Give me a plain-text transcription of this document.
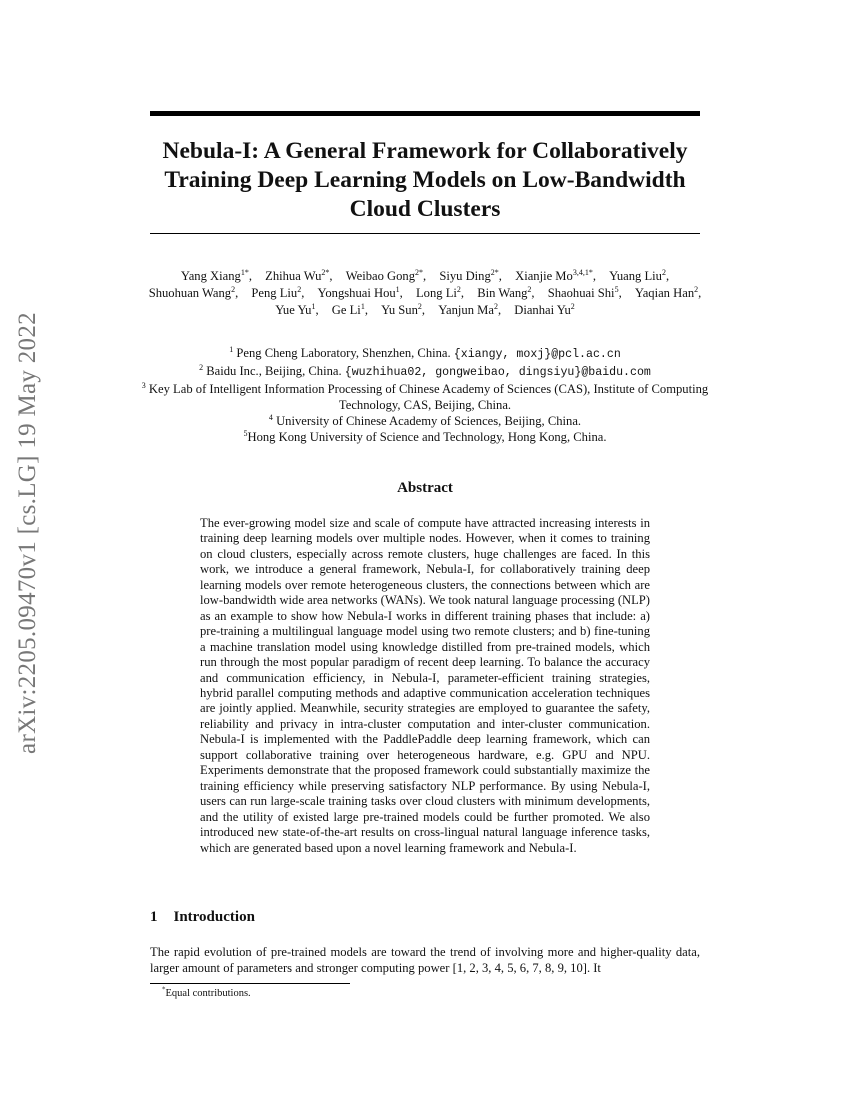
arXiv:2205.09470v1 [cs.LG] 19 May 2022
Nebula-I: A General Framework for Collaboratively Training Deep Learning Models on Low-Bandwidth Cloud Clusters
Yang Xiang$^{1*}$, Zhihua $Wu^{2*}$, Weibao Gong$^{2*}$, Siyu Ding$^{2*}$, Xianjie $Mo^{3,4,1*}$, Yuang Liu$^2$, Shuohuan Wang$^2$, Peng Liu$^2$, Yongshuai Hou$^1$, Long Li$^2$, Bin Wang$^2$, Shaohuai Shi$^5$, Yaqian Han$^2$, Yue Yu$^1$, Ge Li$^1$, Yu Sun$^2$, Yanjun Ma$^2$, Dianhai Yu$^2$
$^1$ Peng Cheng Laboratory, Shenzhen, China. {xiangy, moxj}@pcl.ac.cn
$^2$ Baidu Inc., Beijing, China. {wuzhihua02, gongweibao, dingsiyu}@baidu.com
$^3$ Key Lab of Intelligent Information Processing of Chinese Academy of Sciences (CAS), Institute of Computing Technology, CAS, Beijing, China.
$^4$ University of Chinese Academy of Sciences, Beijing, China.
$^5$Hong Kong University of Science and Technology, Hong Kong, China.
Abstract
The ever-growing model size and scale of compute have attracted increasing interests in training deep learning models over multiple nodes. However, when it comes to training on cloud clusters, especially across remote clusters, huge challenges are faced. In this work, we introduce a general framework, Nebula-I, for collaboratively training deep learning models over remote heterogeneous clusters, the connections between which are low-bandwidth wide area networks (WANs). We took natural language processing (NLP) as an example to show how Nebula-I works in different training phases that include: a) pre-training a multilingual language model using two remote clusters; and b) fine-tuning a machine translation model using knowledge distilled from pre-trained models, which run through the most popular paradigm of recent deep learning. To balance the accuracy and communication efficiency, in Nebula-I, parameter-efficient training strategies, hybrid parallel computing methods and adaptive communication acceleration techniques are jointly applied. Meanwhile, security strategies are employed to guarantee the safety, reliability and privacy in intra-cluster computation and inter-cluster communication. Nebula-I is implemented with the PaddlePaddle deep learning framework, which can support collaborative training over heterogeneous hardware, e.g. GPU and NPU. Experiments demonstrate that the proposed framework could substantially maximize the training efficiency while preserving satisfactory NLP performance. By using Nebula-I, users can run large-scale training tasks over cloud clusters with minimum developments, and the utility of existed large pre-trained models could be further promoted. We also introduced new state-of-the-art results on cross-lingual natural language inference tasks, which are generated based upon a novel learning framework and Nebula-I.
1 Introduction
The rapid evolution of pre-trained models are toward the trend of involving more and higher-quality data, larger amount of parameters and stronger computing power [1, 2, 3, 4, 5, 6, 7, 8, 9, 10]. It
*Equal contributions.
